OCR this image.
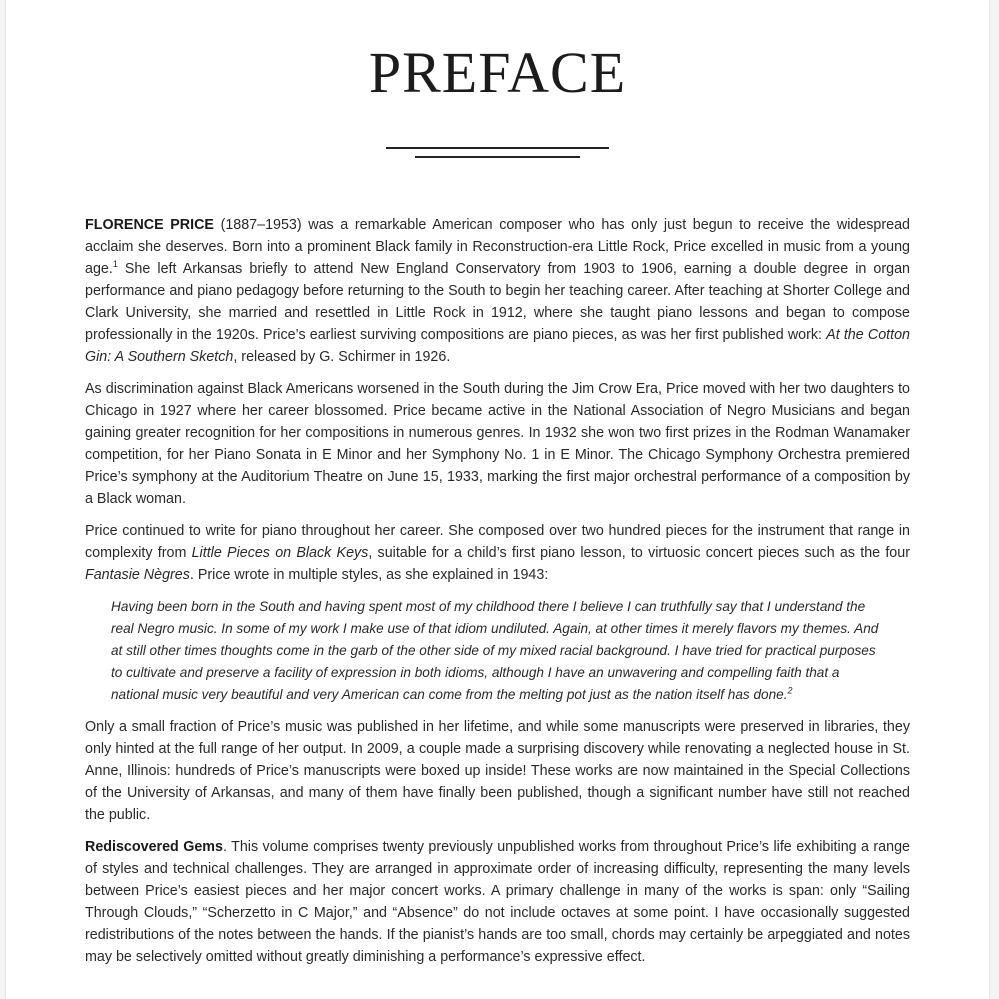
PREFACE

FLORENCE PRICE (1887–1953) was a remarkable American composer who has only just begun to receive the widespread acclaim she deserves. Born into a prominent Black family in Reconstruction-era Little Rock, Price excelled in music from a young age.$^1$ She left Arkansas briefly to attend New England Conservatory from 1903 to 1906, earning a double degree in organ performance and piano pedagogy before returning to the South to begin her teaching career. After teaching at Shorter College and Clark University, she married and resettled in Little Rock in 1912, where she taught piano lessons and began to compose professionally in the 1920s. Price’s earliest surviving compositions are piano pieces, as was her first published work: At the Cotton Gin: A Southern Sketch, released by G. Schirmer in 1926.

As discrimination against Black Americans worsened in the South during the Jim Crow Era, Price moved with her two daughters to Chicago in 1927 where her career blossomed. Price became active in the National Association of Negro Musicians and began gaining greater recognition for her compositions in numerous genres. In 1932 she won two first prizes in the Rodman Wanamaker competition, for her Piano Sonata in E Minor and her Symphony No. 1 in E Minor. The Chicago Symphony Orchestra premiered Price’s symphony at the Auditorium Theatre on June 15, 1933, marking the first major orchestral performance of a composition by a Black woman.

Price continued to write for piano throughout her career. She composed over two hundred pieces for the instrument that range in complexity from Little Pieces on Black Keys, suitable for a child’s first piano lesson, to virtuosic concert pieces such as the four Fantasie Nègres. Price wrote in multiple styles, as she explained in 1943:

Having been born in the South and having spent most of my childhood there I believe I can truthfully say that I understand the real Negro music. In some of my work I make use of that idiom undiluted. Again, at other times it merely flavors my themes. And at still other times thoughts come in the garb of the other side of my mixed racial background. I have tried for practical purposes to cultivate and preserve a facility of expression in both idioms, although I have an unwavering and compelling faith that a national music very beautiful and very American can come from the melting pot just as the nation itself has done.$^2$

Only a small fraction of Price’s music was published in her lifetime, and while some manuscripts were preserved in libraries, they only hinted at the full range of her output. In 2009, a couple made a surprising discovery while renovating a neglected house in St. Anne, Illinois: hundreds of Price’s manuscripts were boxed up inside! These works are now maintained in the Special Collections of the University of Arkansas, and many of them have finally been published, though a significant number have still not reached the public.

Rediscovered Gems. This volume comprises twenty previously unpublished works from throughout Price’s life exhibiting a range of styles and technical challenges. They are arranged in approximate order of increasing difficulty, representing the many levels between Price’s easiest pieces and her major concert works. A primary challenge in many of the works is span: only “Sailing Through Clouds,” “Scherzetto in C Major,” and “Absence” do not include octaves at some point. I have occasionally suggested redistributions of the notes between the hands. If the pianist’s hands are too small, chords may certainly be arpeggiated and notes may be selectively omitted without greatly diminishing a performance’s expressive effect.
